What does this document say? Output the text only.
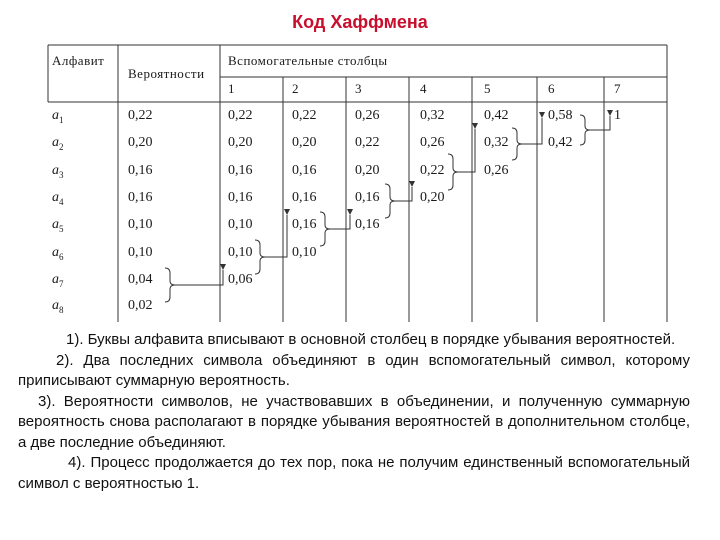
Код Хаффмена
Алфавит
Вероятности
Вспомогательные столбцы
1	2	3	4	5	6	7
$a_1$	0,22	0,22	0,22	0,26	0,32	0,42	0,58	1
$a_2$	0,20	0,20	0,20	0,22	0,26	0,32	0,42
$a_3$	0,16	0,16	0,16	0,20	0,22	0,26
$a_4$	0,16	0,16	0,16	0,16	0,20
$a_5$	0,10	0,10	0,16	0,16
$a_6$	0,10	0,10	0,10
$a_7$	0,04	0,06
$a_8$	0,02

1). Буквы алфавита вписывают в основной столбец в порядке убывания вероятностей.

2). Два последних символа объединяют в один вспомогательный символ, которому приписывают суммарную вероятность.

3). Вероятности символов, не участвовавших в объединении, и полученную суммарную вероятность снова располагают в порядке убывания вероятностей в дополнительном столбце, а две последние объединяют.

4). Процесс продолжается до тех пор, пока не получим единственный вспомогательный символ с вероятностью 1.
